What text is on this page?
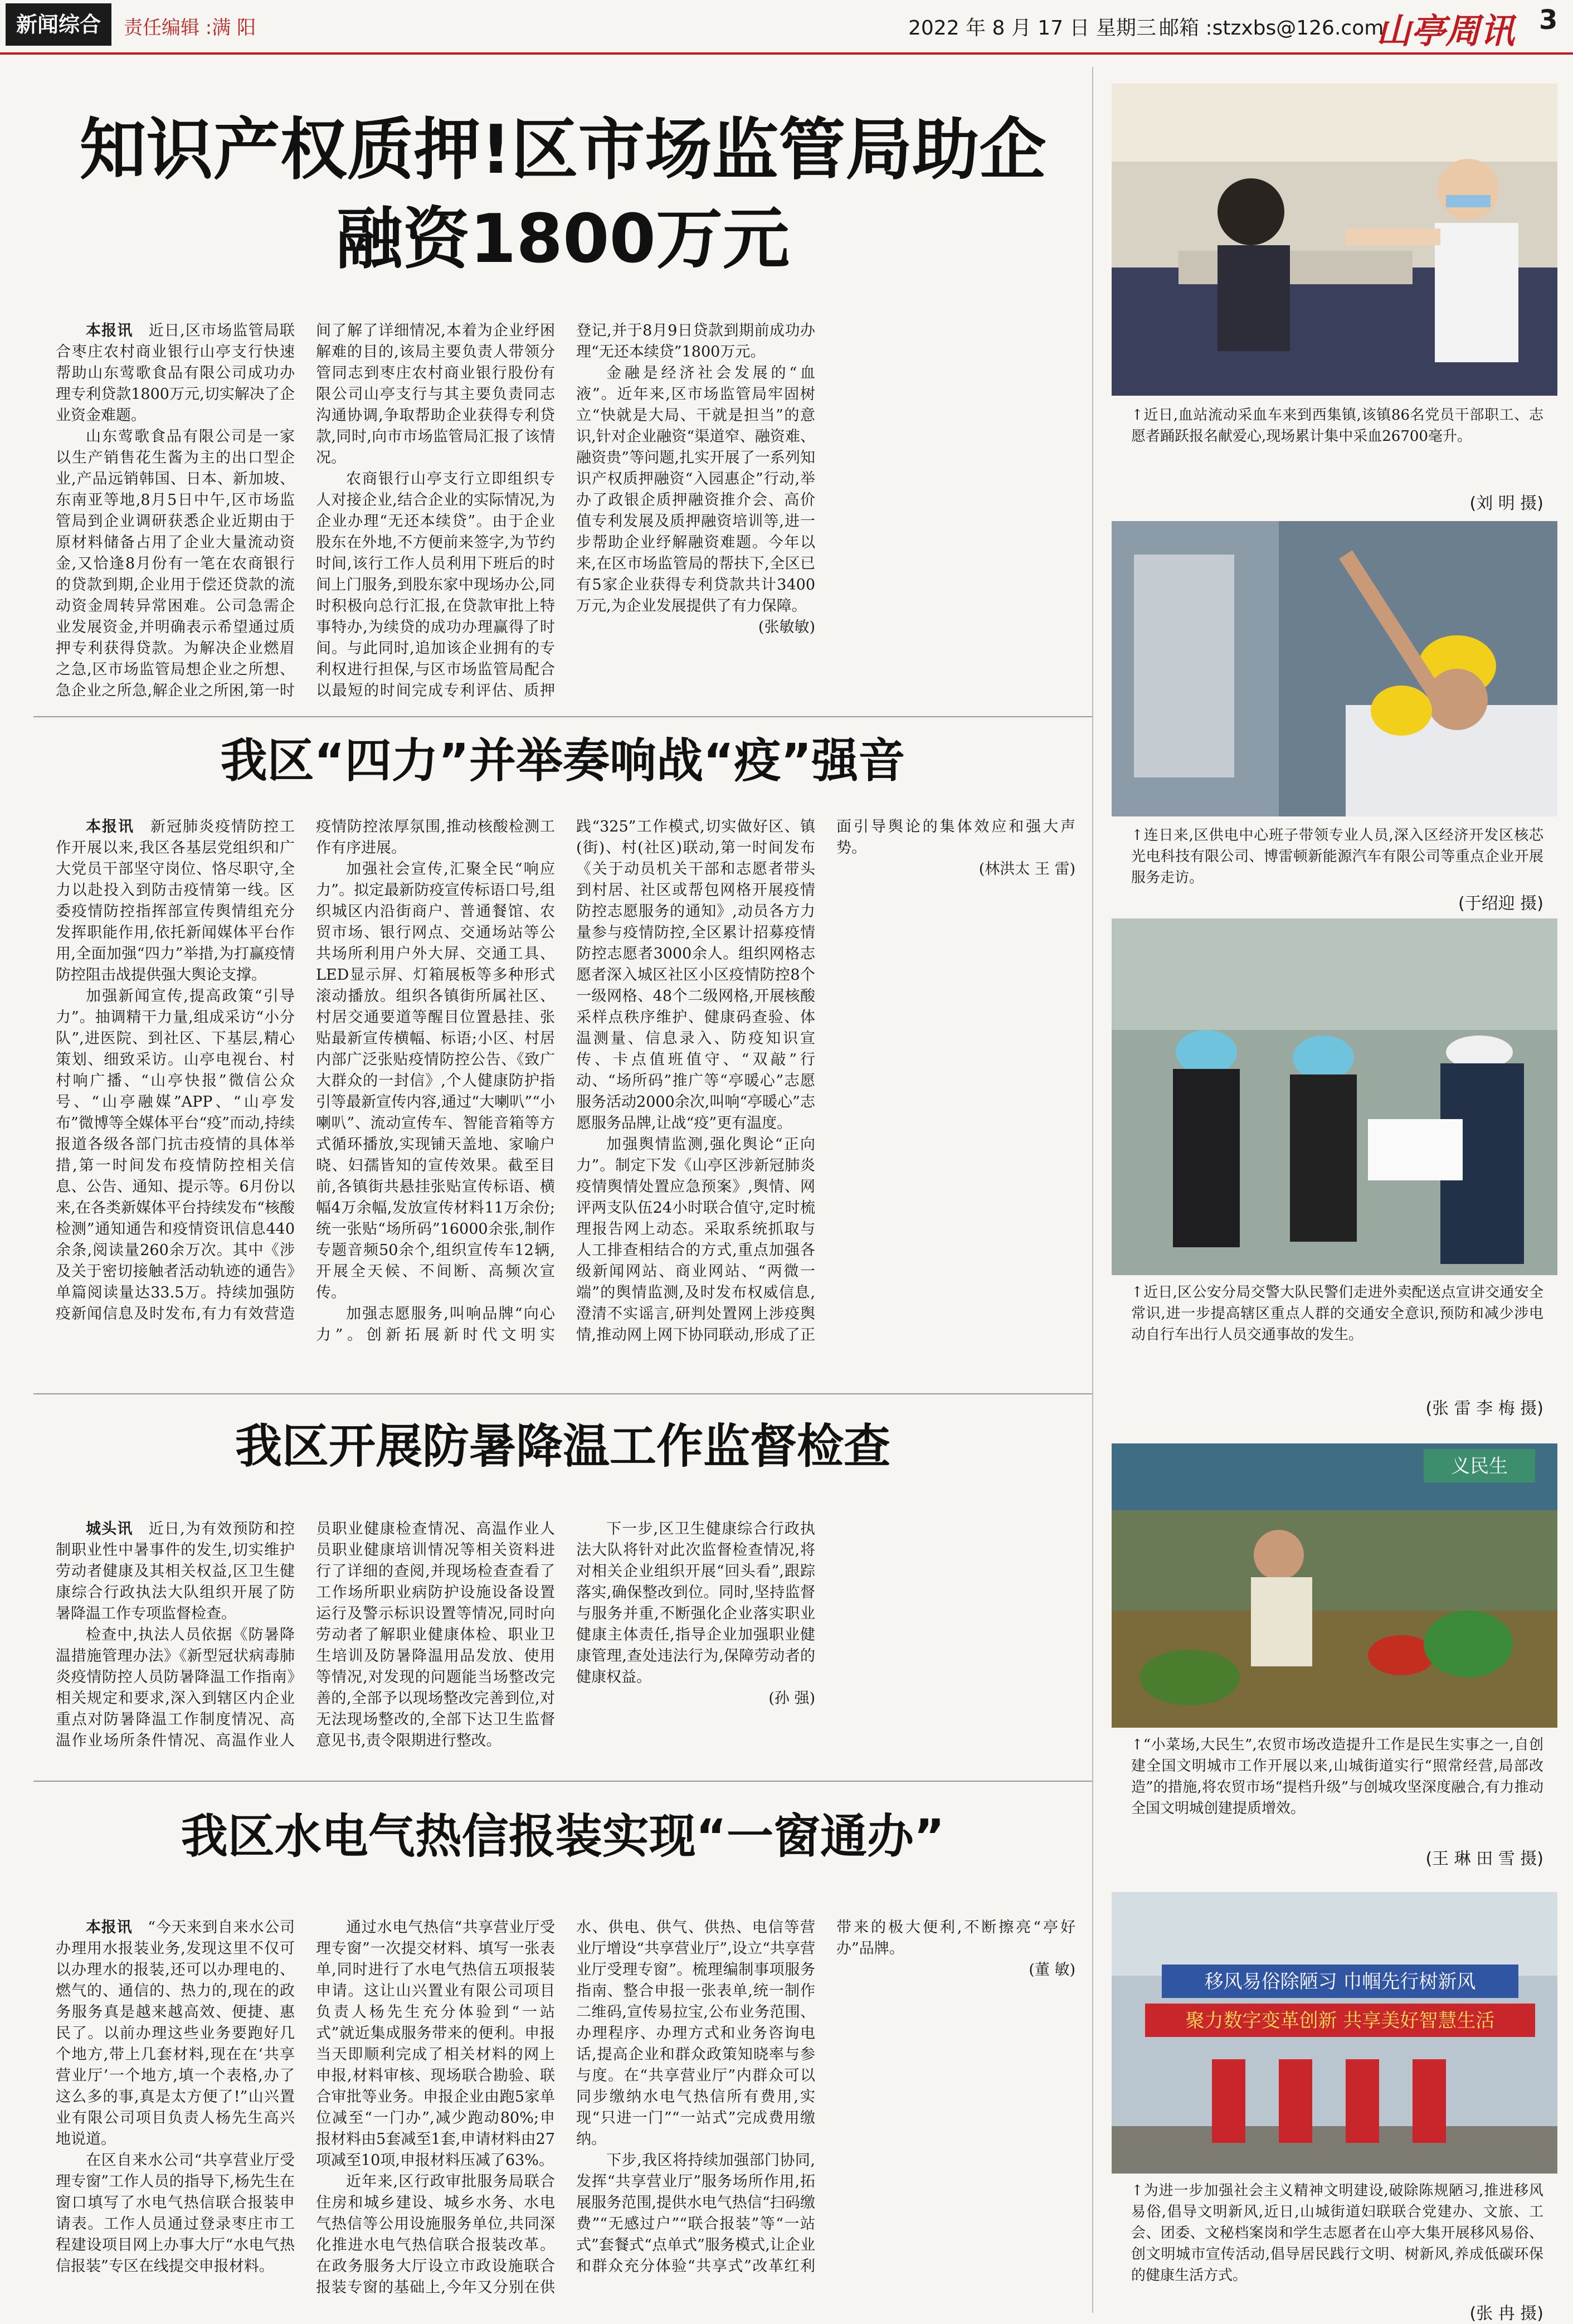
新闻综合	责任编辑 :满 阳	2022 年 8 月 17 日 星期三 邮箱 :stzxbs@126.com
山亭周讯 3
知识产权质押!区市场监管局助企
融资1800万元

本报讯　 近日,区市场监管局联合枣庄农村商业银行山亭支行快速帮助山东莺歌食品有限公司成功办理专利贷款1800万元,切实解决了企业资金难题。

山东莺歌食品有限公司是一家以生产销售花生酱为主的出口型企业,产品远销韩国、日本、新加坡、东南亚等地,8月5日中午,区市场监管局到企业调研获悉企业近期由于原材料储备占用了企业大量流动资金,又恰逢8月份有一笔在农商银行的贷款到期,企业用于偿还贷款的流动资金周转异常困难。公司急需企业发展资金,并明确表示希望通过质押专利获得贷款。为解决企业燃眉之急,区市场监管局想企业之所想、急企业之所急,解企业之所困,第一时间了解了详细情况,本着为企业纾困解难的目的,该局主要负责人带领分管同志到枣庄农村商业银行股份有限公司山亭支行与其主要负责同志沟通协调,争取帮助企业获得专利贷款,同时,向市市场监管局汇报了该情况。

农商银行山亭支行立即组织专人对接企业,结合企业的实际情况,为企业办理“无还本续贷”。由于企业股东在外地,不方便前来签字,为节约时间,该行工作人员利用下班后的时间上门服务,到股东家中现场办公,同时积极向总行汇报,在贷款审批上特事特办,为续贷的成功办理赢得了时间。与此同时,追加该企业拥有的专利权进行担保,与区市场监管局配合以最短的时间完成专利评估、质押登记,并于8月9日贷款到期前成功办理“无还本续贷”1800万元。

金融是经济社会发展的“血液”。近年来,区市场监管局牢固树立“快就是大局、干就是担当”的意识,针对企业融资“渠道窄、融资难、融资贵”等问题,扎实开展了一系列知识产权质押融资“入园惠企”行动,举办了政银企质押融资推介会、高价值专利发展及质押融资培训等,进一步帮助企业纾解融资难题。今年以来,在区市场监管局的帮扶下,全区已有5家企业获得专利贷款共计3400万元,为企业发展提供了有力保障。

(张敏敏)

我区“四力”并举奏响战“疫”强音

本报讯　 新冠肺炎疫情防控工作开展以来,我区各基层党组织和广大党员干部坚守岗位、恪尽职守,全力以赴投入到防击疫情第一线。区委疫情防控指挥部宣传舆情组充分发挥职能作用,依托新闻媒体平台作用,全面加强“四力”举措,为打赢疫情防控阻击战提供强大舆论支撑。

加强新闻宣传,提高政策“引导力”。抽调精干力量,组成采访“小分队”,进医院、到社区、下基层,精心策划、细致采访。山亭电视台、村村响广播、“山亭快报”微信公众号、“山亭融媒”APP、“山亭发布”微博等全媒体平台“疫”而动,持续报道各级各部门抗击疫情的具体举措,第一时间发布疫情防控相关信息、公告、通知、提示等。6月份以来,在各类新媒体平台持续发布“核酸检测”通知通告和疫情资讯信息440余条,阅读量260余万次。其中《涉及关于密切接触者活动轨迹的通告》单篇阅读量达33.5万。持续加强防疫新闻信息及时发布,有力有效营造疫情防控浓厚氛围,推动核酸检测工作有序进展。

加强社会宣传,汇聚全民“响应力”。拟定最新防疫宣传标语口号,组织城区内沿街商户、普通餐馆、农贸市场、银行网点、交通场站等公共场所利用户外大屏、交通工具、LED显示屏、灯箱展板等多种形式滚动播放。组织各镇街所属社区、村居交通要道等醒目位置悬挂、张贴最新宣传横幅、标语;小区、村居内部广泛张贴疫情防控公告、《致广大群众的一封信》,个人健康防护指引等最新宣传内容,通过“大喇叭”“小喇叭”、流动宣传车、智能音箱等方式循环播放,实现铺天盖地、家喻户晓、妇孺皆知的宣传效果。截至目前,各镇街共悬挂张贴宣传标语、横幅4万余幅,发放宣传材料11万余份;统一张贴“场所码”16000余张,制作专题音频50余个,组织宣传车12辆,开展全天候、不间断、高频次宣传。

加强志愿服务,叫响品牌“向心力”。创新拓展新时代文明实践“325”工作模式,切实做好区、镇(街)、村(社区)联动,第一时间发布《关于动员机关干部和志愿者带头到村居、社区或帮包网格开展疫情防控志愿服务的通知》,动员各方力量参与疫情防控,全区累计招募疫情防控志愿者3000余人。组织网格志愿者深入城区社区小区疫情防控8个一级网格、48个二级网格,开展核酸采样点秩序维护、健康码查验、体温测量、信息录入、防疫知识宣传、卡点值班值守、“双敲”行动、“场所码”推广等“亭暖心”志愿服务活动2000余次,叫响“亭暖心”志愿服务品牌,让战“疫”更有温度。

加强舆情监测,强化舆论“正向力”。制定下发《山亭区涉新冠肺炎疫情舆情处置应急预案》,舆情、网评两支队伍24小时联合值守,定时梳理报告网上动态。采取系统抓取与人工排查相结合的方式,重点加强各级新闻网站、商业网站、“两微一端”的舆情监测,及时发布权威信息,澄清不实谣言,研判处置网上涉疫舆情,推动网上网下协同联动,形成了正面引导舆论的集体效应和强大声势。

(林洪太 王 雷)

我区开展防暑降温工作监督检查

城头讯　 近日,为有效预防和控制职业性中暑事件的发生,切实维护劳动者健康及其相关权益,区卫生健康综合行政执法大队组织开展了防暑降温工作专项监督检查。

检查中,执法人员依据《防暑降温措施管理办法》《新型冠状病毒肺炎疫情防控人员防暑降温工作指南》相关规定和要求,深入到辖区内企业重点对防暑降温工作制度情况、高温作业场所条件情况、高温作业人员职业健康检查情况、高温作业人员职业健康培训情况等相关资料进行了详细的查阅,并现场检查查看了工作场所职业病防护设施设备设置运行及警示标识设置等情况,同时向劳动者了解职业健康体检、职业卫生培训及防暑降温用品发放、使用等情况,对发现的问题能当场整改完善的,全部予以现场整改完善到位,对无法现场整改的,全部下达卫生监督意见书,责令限期进行整改。

下一步,区卫生健康综合行政执法大队将针对此次监督检查情况,将对相关企业组织开展“回头看”,跟踪落实,确保整改到位。同时,坚持监督与服务并重,不断强化企业落实职业健康主体责任,指导企业加强职业健康管理,查处违法行为,保障劳动者的健康权益。

(孙 强)

我区水电气热信报装实现“一窗通办”

本报讯　 “今天来到自来水公司办理用水报装业务,发现这里不仅可以办理水的报装,还可以办理电的、燃气的、通信的、热力的,现在的政务服务真是越来越高效、便捷、惠民了。以前办理这些业务要跑好几个地方,带上几套材料,现在在‘共享营业厅’一个地方,填一个表格,办了这么多的事,真是太方便了!”山兴置业有限公司项目负责人杨先生高兴地说道。

在区自来水公司“共享营业厅受理专窗”工作人员的指导下,杨先生在窗口填写了水电气热信联合报装申请表。工作人员通过登录枣庄市工程建设项目网上办事大厅“水电气热信报装”专区在线提交申报材料。

通过水电气热信“共享营业厅受理专窗”一次提交材料、填写一张表单,同时进行了水电气热信五项报装申请。这让山兴置业有限公司项目负责人杨先生充分体验到“一站式”就近集成服务带来的便利。申报当天即顺利完成了相关材料的网上申报,材料审核、现场联合勘验、联合审批等业务。申报企业由跑5家单位减至“一门办”,减少跑动80%;申报材料由5套减至1套,申请材料由27项减至10项,申报材料压减了63%。

近年来,区行政审批服务局联合住房和城乡建设、城乡水务、水电气热信等公用设施服务单位,共同深化推进水电气热信联合报装改革。在政务服务大厅设立市政设施联合报装专窗的基础上,今年又分别在供水、供电、供气、供热、电信等营业厅增设“共享营业厅”,设立“共享营业厅受理专窗”。梳理编制事项服务指南、整合申报一张表单,统一制作二维码,宣传易拉宝,公布业务范围、办理程序、办理方式和业务咨询电话,提高企业和群众政策知晓率与参与度。在“共享营业厅”内群众可以同步缴纳水电气热信所有费用,实现“只进一门”“一站式”完成费用缴纳。

下步,我区将持续加强部门协同,发挥“共享营业厅”服务场所作用,拓展服务范围,提供水电气热信“扫码缴费”“无感过户”“联合报装”等“一站式”套餐式“点单式”服务模式,让企业和群众充分体验“共享式”改革红利带来的极大便利,不断擦亮“亭好办”品牌。

(董 敏)

↑近日,血站流动采血车来到西集镇,该镇86名党员干部职工、志愿者踊跃报名献爱心,现场累计集中采血26700毫升。
(刘 明 摄)
↑连日来,区供电中心班子带领专业人员,深入区经济开发区核芯光电科技有限公司、博雷顿新能源汽车有限公司等重点企业开展服务走访。
(于绍迎 摄)
↑近日,区公安分局交警大队民警们走进外卖配送点宣讲交通安全常识,进一步提高辖区重点人群的交通安全意识,预防和减少涉电动自行车出行人员交通事故的发生。
(张 雷 李 梅 摄)
义民生
↑“小菜场,大民生”,农贸市场改造提升工作是民生实事之一,自创建全国文明城市工作开展以来,山城街道实行“照常经营,局部改造”的措施,将农贸市场“提档升级”与创城攻坚深度融合,有力推动全国文明城创建提质增效。
(王 琳 田 雪 摄)
移风易俗除陋习 巾帼先行树新风
聚力数字变革创新 共享美好智慧生活
↑为进一步加强社会主义精神文明建设,破除陈规陋习,推进移风易俗,倡导文明新风,近日,山城街道妇联联合党建办、文旅、工会、团委、文秘档案岗和学生志愿者在山亭大集开展移风易俗、创文明城市宣传活动,倡导居民践行文明、树新风,养成低碳环保的健康生活方式。
(张 冉 摄)
